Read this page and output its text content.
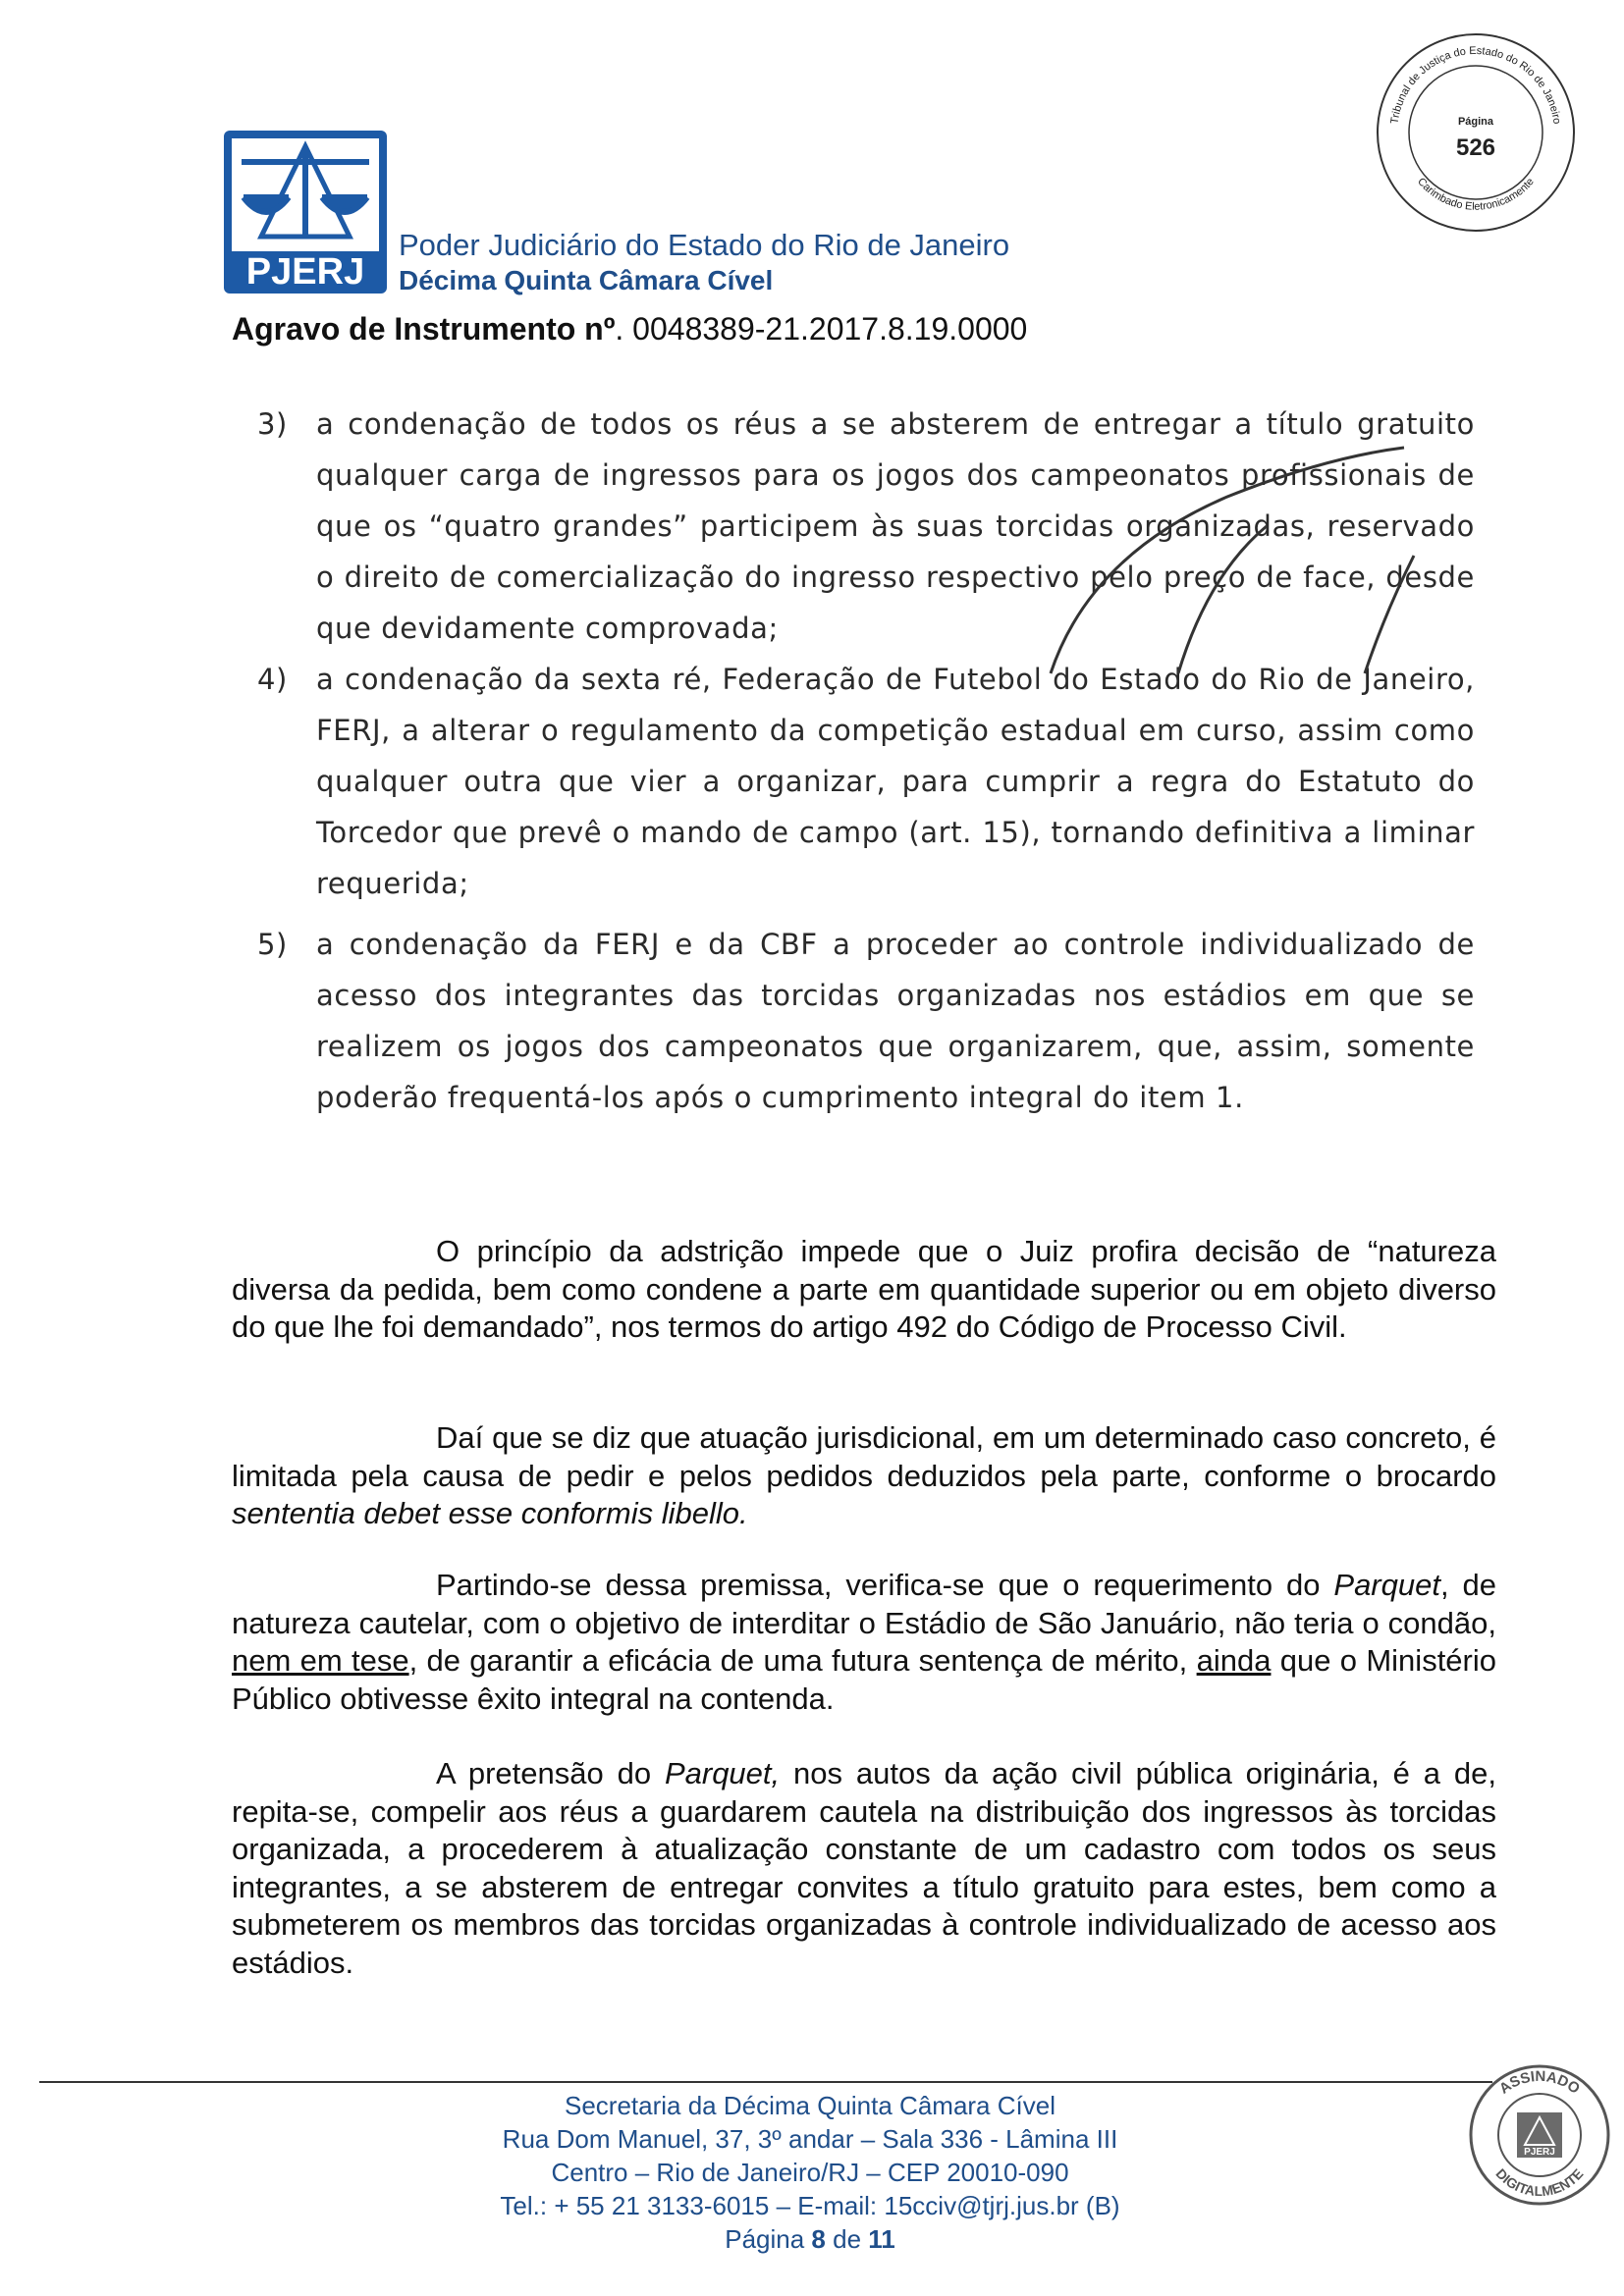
PJERJ
Poder Judiciário do Estado do Rio de Janeiro
Décima Quinta Câmara Cível
Agravo de Instrumento nº. 0048389-21.2017.8.19.0000
Tribunal de Justiça do Estado do Rio de Janeiro
Carimbado Eletronicamente
Página
526
3)	a condenação de todos os réus a se absterem de entregar a título gratuito qualquer carga de ingressos para os jogos dos campeonatos profissionais de que os “quatro grandes” participem às suas torcidas organizadas, reservado o direito de comercialização do ingresso respectivo pelo preço de face, desde que devidamente comprovada;
4)	a condenação da sexta ré, Federação de Futebol do Estado do Rio de Janeiro, FERJ, a alterar o regulamento da competição estadual em curso, assim como qualquer outra que vier a organizar, para cumprir a regra do Estatuto do Torcedor que prevê o mando de campo (art. 15), tornando definitiva a liminar requerida;
5)	a condenação da FERJ e da CBF a proceder ao controle individualizado de acesso dos integrantes das torcidas organizadas nos estádios em que se realizem os jogos dos campeonatos que organizarem, que, assim, somente poderão frequentá-los após o cumprimento integral do item 1.

O princípio da adstrição impede que o Juiz profira decisão de “natureza diversa da pedida, bem como condene a parte em quantidade superior ou em objeto diverso do que lhe foi demandado”, nos termos do artigo 492 do Código de Processo Civil.

Daí que se diz que atuação jurisdicional, em um determinado caso concreto, é limitada pela causa de pedir e pelos pedidos deduzidos pela parte, conforme o brocardo sententia debet esse conformis libello.

Partindo-se dessa premissa, verifica-se que o requerimento do Parquet, de natureza cautelar, com o objetivo de interditar o Estádio de São Januário, não teria o condão, nem em tese, de garantir a eficácia de uma futura sentença de mérito, ainda que o Ministério Público obtivesse êxito integral na contenda.

A pretensão do Parquet, nos autos da ação civil pública originária, é a de, repita-se, compelir aos réus a guardarem cautela na distribuição dos ingressos às torcidas organizada, a procederem à atualização constante de um cadastro com todos os seus integrantes, a se absterem de entregar convites a título gratuito para estes, bem como a submeterem os membros das torcidas organizadas à controle individualizado de acesso aos estádios.

Secretaria da Décima Quinta Câmara Cível
Rua Dom Manuel, 37, 3º andar – Sala 336 - Lâmina III
Centro – Rio de Janeiro/RJ – CEP 20010-090
Tel.: + 55 21 3133-6015 – E-mail: 15cciv@tjrj.jus.br (B)
Página 8 de 11
ASSINADO
DIGITALMENTE
PJERJ
